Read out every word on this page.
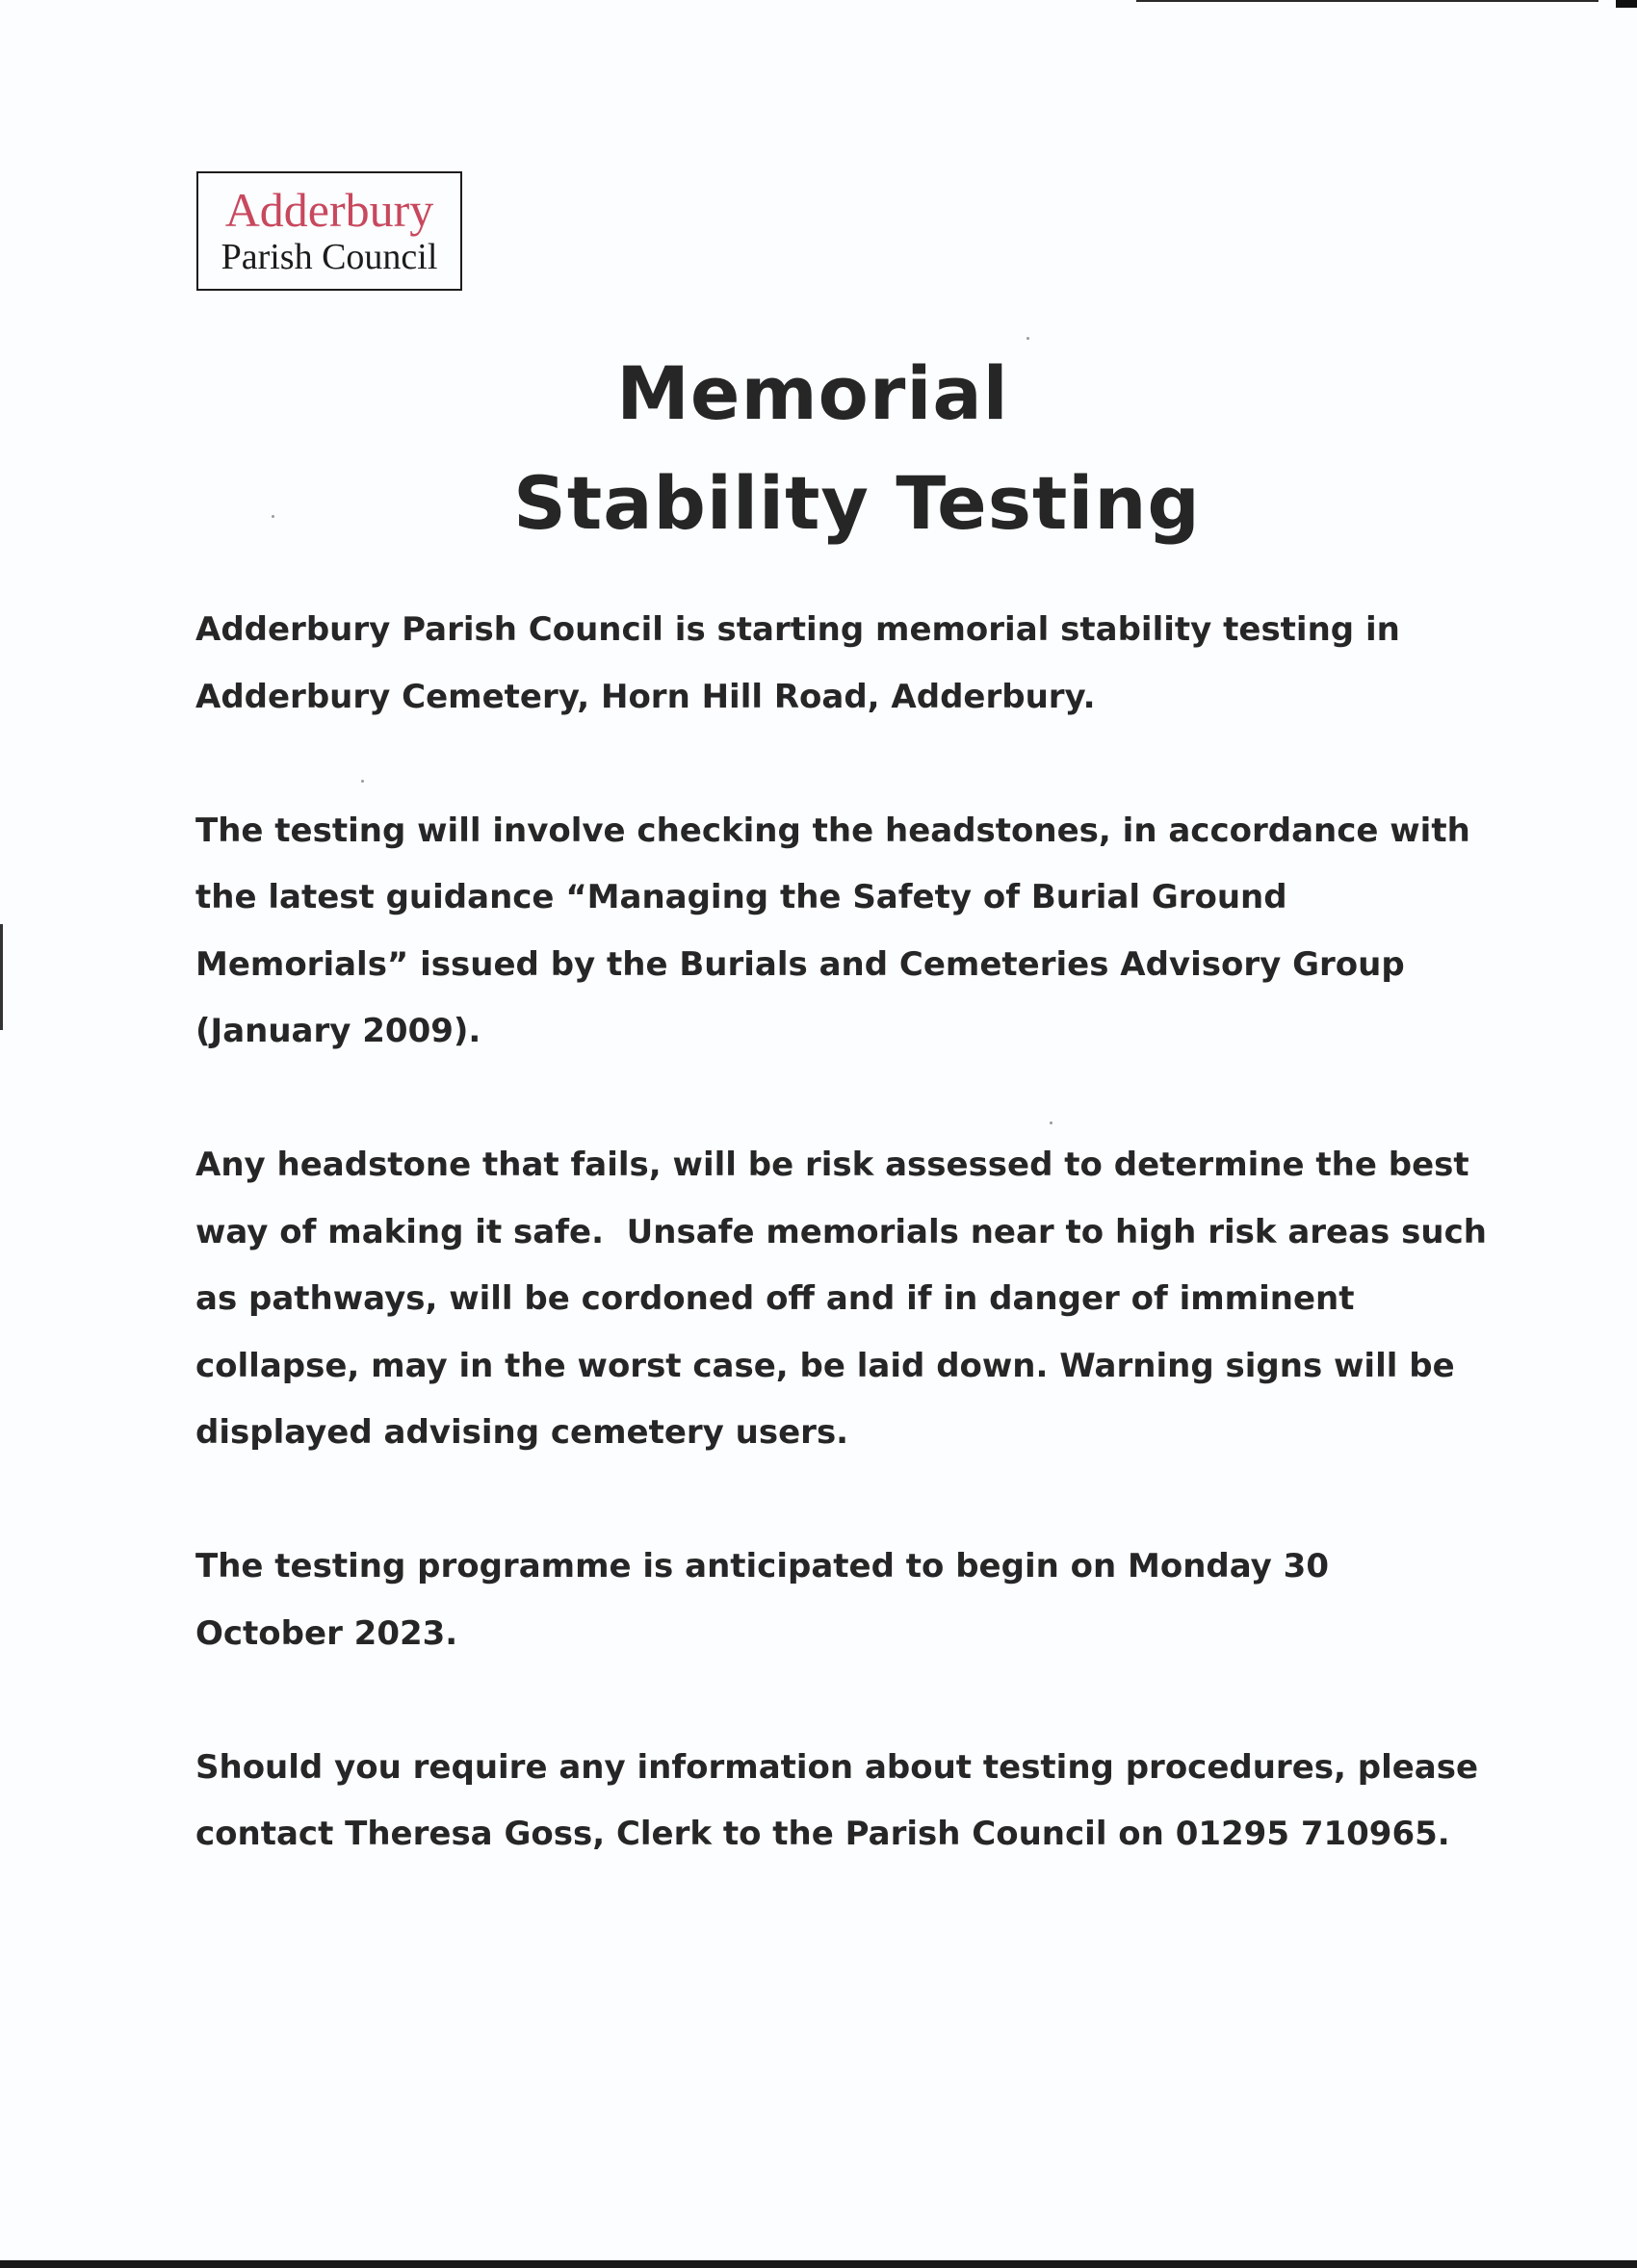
Adderbury
Parish Council
Memorial
Stability Testing

Adderbury Parish Council is starting memorial stability testing in
Adderbury Cemetery, Horn Hill Road, Adderbury.

The testing will involve checking the headstones, in accordance with
the latest guidance “Managing the Safety of Burial Ground
Memorials” issued by the Burials and Cemeteries Advisory Group
(January 2009).

Any headstone that fails, will be risk assessed to determine the best
way of making it safe.  Unsafe memorials near to high risk areas such
as pathways, will be cordoned off and if in danger of imminent
collapse, may in the worst case, be laid down. Warning signs will be
displayed advising cemetery users.

The testing programme is anticipated to begin on Monday 30
October 2023.

Should you require any information about testing procedures, please
contact Theresa Goss, Clerk to the Parish Council on 01295 710965.
